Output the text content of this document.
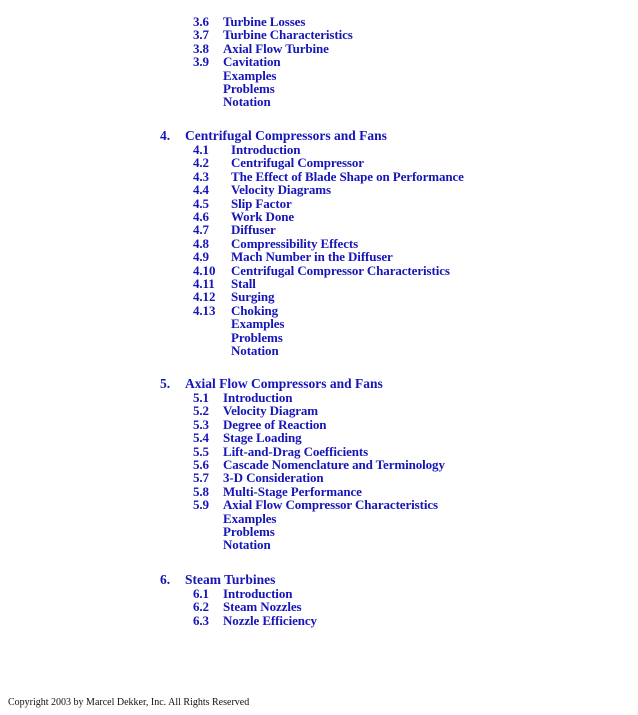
3.6 Turbine Losses
3.7 Turbine Characteristics
3.8 Axial Flow Turbine
3.9 Cavitation
Examples
Problems
Notation
4. Centrifugal Compressors and Fans
4.1 Introduction
4.2 Centrifugal Compressor
4.3 The Effect of Blade Shape on Performance
4.4 Velocity Diagrams
4.5 Slip Factor
4.6 Work Done
4.7 Diffuser
4.8 Compressibility Effects
4.9 Mach Number in the Diffuser
4.10 Centrifugal Compressor Characteristics
4.11 Stall
4.12 Surging
4.13 Choking
Examples
Problems
Notation
5. Axial Flow Compressors and Fans
5.1 Introduction
5.2 Velocity Diagram
5.3 Degree of Reaction
5.4 Stage Loading
5.5 Lift-and-Drag Coefficients
5.6 Cascade Nomenclature and Terminology
5.7 3-D Consideration
5.8 Multi-Stage Performance
5.9 Axial Flow Compressor Characteristics
Examples
Problems
Notation
6. Steam Turbines
6.1 Introduction
6.2 Steam Nozzles
6.3 Nozzle Efficiency
Copyright 2003 by Marcel Dekker, Inc. All Rights Reserved
